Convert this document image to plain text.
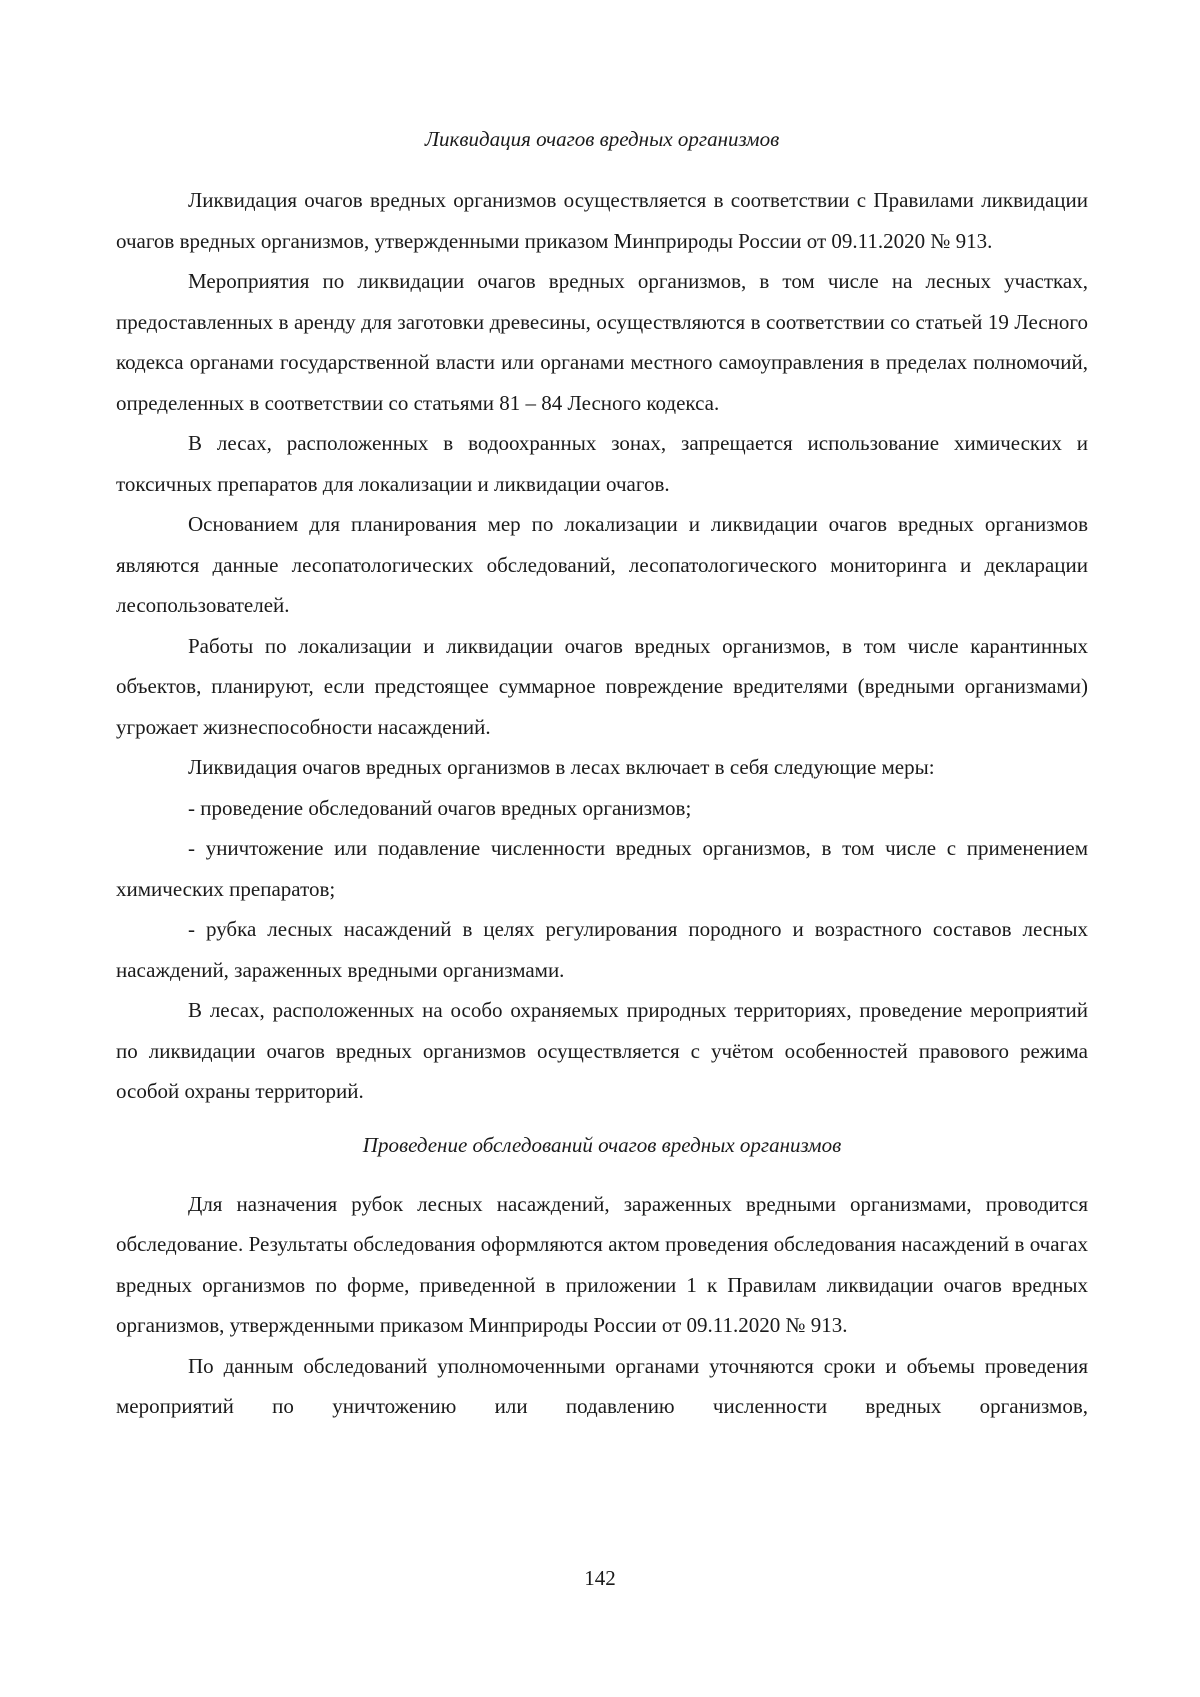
Ликвидация очагов вредных организмов

Ликвидация очагов вредных организмов осуществляется в соответствии с Правилами ликвидации очагов вредных организмов, утвержденными приказом Минприроды России от 09.11.2020 № 913.

Мероприятия по ликвидации очагов вредных организмов, в том числе на лесных участках, предоставленных в аренду для заготовки древесины, осуществляются в соответствии со статьей 19 Лесного кодекса органами государственной власти или органами местного самоуправления в пределах полномочий, определенных в соответствии со статьями 81 – 84 Лесного кодекса.

В лесах, расположенных в водоохранных зонах, запрещается использование химических и токсичных препаратов для локализации и ликвидации очагов.

Основанием для планирования мер по локализации и ликвидации очагов вредных организмов являются данные лесопатологических обследований, лесопатологического мониторинга и декларации лесопользователей.

Работы по локализации и ликвидации очагов вредных организмов, в том числе карантинных объектов, планируют, если предстоящее суммарное повреждение вредителями (вредными организмами) угрожает жизнеспособности насаждений.

Ликвидация очагов вредных организмов в лесах включает в себя следующие меры:

- проведение обследований очагов вредных организмов;

- уничтожение или подавление численности вредных организмов, в том числе с применением химических препаратов;

- рубка лесных насаждений в целях регулирования породного и возрастного составов лесных насаждений, зараженных вредными организмами.

В лесах, расположенных на особо охраняемых природных территориях, проведение мероприятий по ликвидации очагов вредных организмов осуществляется с учётом особенностей правового режима особой охраны территорий.

Проведение обследований очагов вредных организмов

Для назначения рубок лесных насаждений, зараженных вредными организмами, проводится обследование. Результаты обследования оформляются актом проведения обследования насаждений в очагах вредных организмов по форме, приведенной в приложении 1 к Правилам ликвидации очагов вредных организмов, утвержденными приказом Минприроды России от 09.11.2020 № 913.

По данным обследований уполномоченными органами уточняются сроки и объемы проведения мероприятий по уничтожению или подавлению численности вредных организмов,

142
